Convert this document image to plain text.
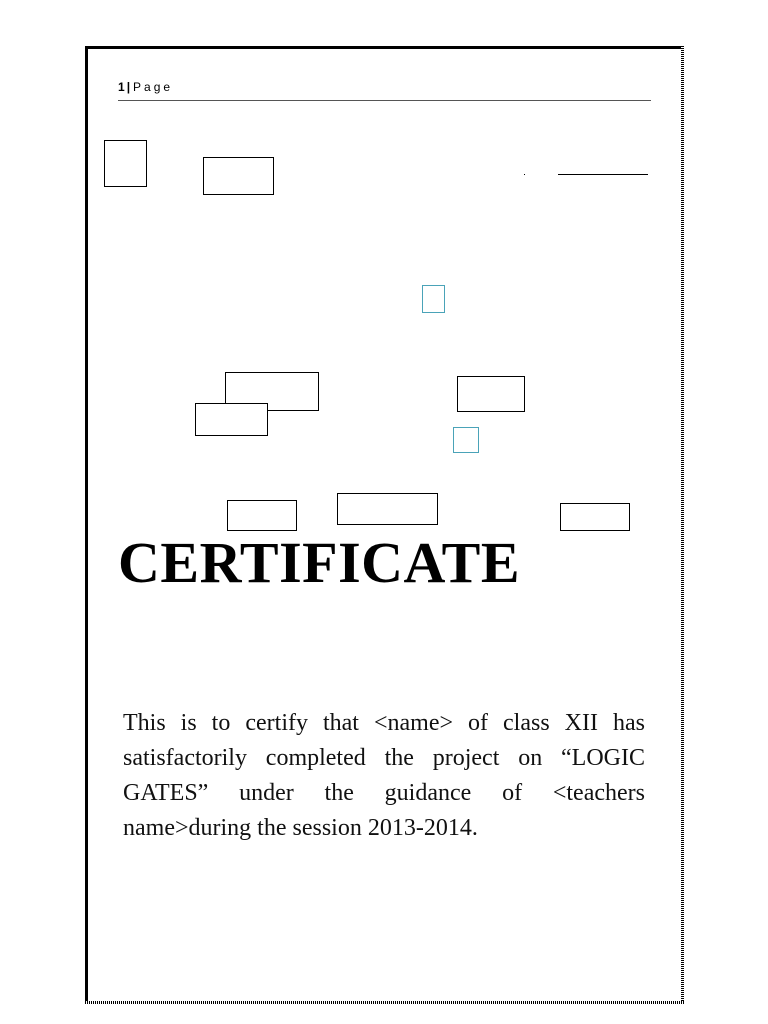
1 | Page
CERTIFICATE

This is to certify that <name> of class XII has satisfactorily completed the project on “LOGIC GATES” under the guidance of <teachers name>during the session 2013-2014.
